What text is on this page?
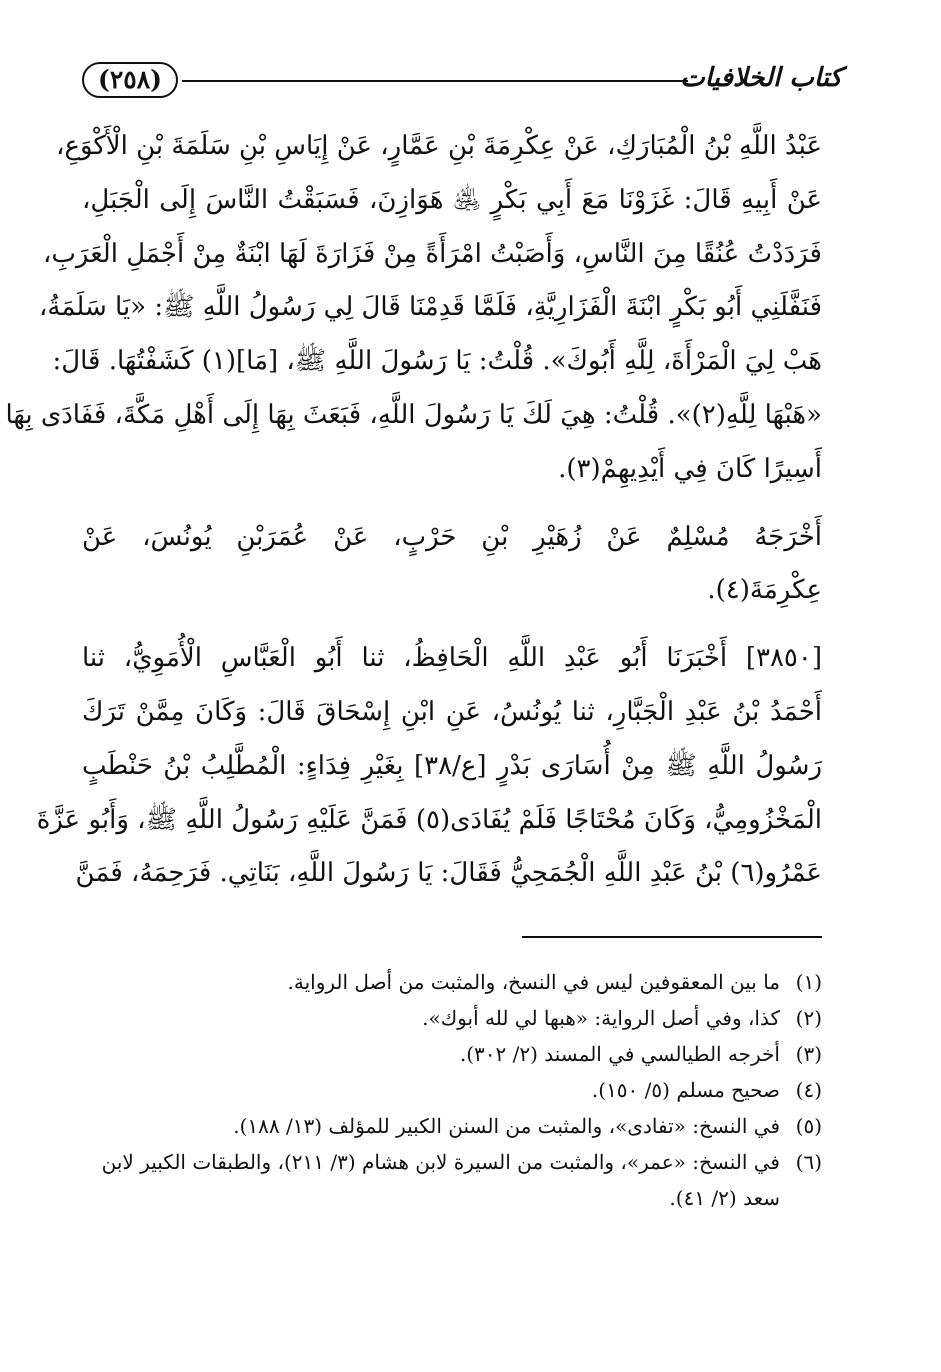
(٢٥٨)	كتاب الخلافيات
عَبْدُ اللَّهِ بْنُ الْمُبَارَكِ، عَنْ عِكْرِمَةَ بْنِ عَمَّارٍ، عَنْ إِيَاسِ بْنِ سَلَمَةَ بْنِ الْأَكْوَعِ،
عَنْ أَبِيهِ قَالَ: غَزَوْنَا مَعَ أَبِي بَكْرٍ ﵁ هَوَازِنَ، فَسَبَقْتُ النَّاسَ إِلَى الْجَبَلِ،
فَرَدَدْتُ عُنُقًا مِنَ النَّاسِ، وَأَصَبْتُ امْرَأَةً مِنْ فَزَارَةَ لَهَا ابْنَةٌ مِنْ أَجْمَلِ الْعَرَبِ،
فَنَفَّلَنِي أَبُو بَكْرٍ ابْنَةَ الْفَزَارِيَّةِ، فَلَمَّا قَدِمْنَا قَالَ لِي رَسُولُ اللَّهِ ﷺ: «يَا سَلَمَةُ،
هَبْ لِيَ الْمَرْأَةَ، لِلَّهِ أَبُوكَ». قُلْتُ: يَا رَسُولَ اللَّهِ ﷺ، [مَا](١) كَشَفْتُهَا. قَالَ:
«هَبْهَا لِلَّهِ(٢)». قُلْتُ: هِيَ لَكَ يَا رَسُولَ اللَّهِ، فَبَعَثَ بِهَا إِلَى أَهْلِ مَكَّةَ، فَفَادَى بِهَا
أَسِيرًا كَانَ فِي أَيْدِيهِمْ(٣).
أَخْرَجَهُ مُسْلِمٌ عَنْ زُهَيْرِ بْنِ حَرْبٍ، عَنْ عُمَرَبْنِ يُونُسَ، عَنْ
عِكْرِمَةَ(٤).
[٣٨٥٠] أَخْبَرَنَا أَبُو عَبْدِ اللَّهِ الْحَافِظُ، ثنا أَبُو الْعَبَّاسِ الْأُمَوِيُّ، ثنا
أَحْمَدُ بْنُ عَبْدِ الْجَبَّارِ، ثنا يُونُسُ، عَنِ ابْنِ إِسْحَاقَ قَالَ: وَكَانَ مِمَّنْ تَرَكَ
رَسُولُ اللَّهِ ﷺ مِنْ أُسَارَى بَدْرٍ [ع/٣٨] بِغَيْرِ فِدَاءٍ: الْمُطَّلِبُ بْنُ حَنْطَبٍ
الْمَخْزُومِيُّ، وَكَانَ مُحْتَاجًا فَلَمْ يُفَادَى(٥) فَمَنَّ عَلَيْهِ رَسُولُ اللَّهِ ﷺ، وَأَبُو عَزَّةَ
عَمْرُو(٦) بْنُ عَبْدِ اللَّهِ الْجُمَحِيُّ فَقَالَ: يَا رَسُولَ اللَّهِ، بَنَاتِي. فَرَحِمَهُ، فَمَنَّ
(١)ما بين المعقوفين ليس في النسخ، والمثبت من أصل الرواية.
(٢)كذا، وفي أصل الرواية: «هبها لي لله أبوك».
(٣)أخرجه الطيالسي في المسند (٢/ ٣٠٢).
(٤)صحيح مسلم (٥/ ١٥٠).
(٥)في النسخ: «تفادى»، والمثبت من السنن الكبير للمؤلف (١٣/ ١٨٨).
(٦)في النسخ: «عمر»، والمثبت من السيرة لابن هشام (٣/ ٢١١)، والطبقات الكبير لابن
سعد (٢/ ٤١).
